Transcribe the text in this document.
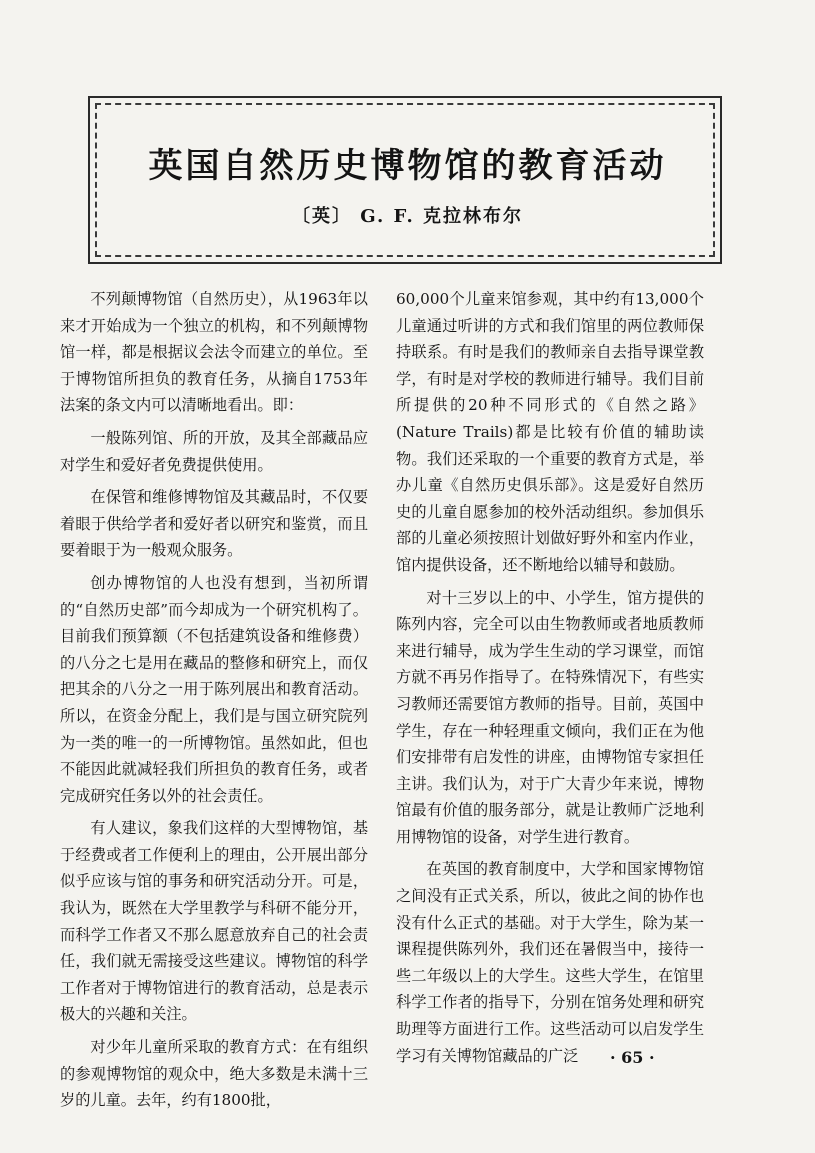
英国自然历史博物馆的教育活动
〔英〕 G. F. 克拉林布尔

不列颠博物馆（自然历史），从1963年以来才开始成为一个独立的机构，和不列颠博物馆一样，都是根据议会法令而建立的单位。至于博物馆所担负的教育任务，从摘自1753年法案的条文内可以清晰地看出。即：

一般陈列馆、所的开放，及其全部藏品应对学生和爱好者免费提供使用。

在保管和维修博物馆及其藏品时，不仅要着眼于供给学者和爱好者以研究和鉴赏，而且要着眼于为一般观众服务。

创办博物馆的人也没有想到，当初所谓的“自然历史部”而今却成为一个研究机构了。目前我们预算额（不包括建筑设备和维修费）的八分之七是用在藏品的整修和研究上，而仅把其余的八分之一用于陈列展出和教育活动。所以，在资金分配上，我们是与国立研究院列为一类的唯一的一所博物馆。虽然如此，但也不能因此就减轻我们所担负的教育任务，或者完成研究任务以外的社会责任。

有人建议，象我们这样的大型博物馆，基于经费或者工作便利上的理由，公开展出部分似乎应该与馆的事务和研究活动分开。可是，我认为，既然在大学里教学与科研不能分开，而科学工作者又不那么愿意放弃自己的社会责任，我们就无需接受这些建议。博物馆的科学工作者对于博物馆进行的教育活动，总是表示极大的兴趣和关注。

对少年儿童所采取的教育方式：在有组织的参观博物馆的观众中，绝大多数是未满十三岁的儿童。去年，约有1800批，

60,000个儿童来馆参观，其中约有13,000个儿童通过听讲的方式和我们馆里的两位教师保持联系。有时是我们的教师亲自去指导课堂教学，有时是对学校的教师进行辅导。我们目前所提供的20种不同形式的《自然之路》(Nature Trails)都是比较有价值的辅助读物。我们还采取的一个重要的教育方式是，举办儿童《自然历史俱乐部》。这是爱好自然历史的儿童自愿参加的校外活动组织。参加俱乐部的儿童必须按照计划做好野外和室内作业，馆内提供设备，还不断地给以辅导和鼓励。

对十三岁以上的中、小学生，馆方提供的陈列内容，完全可以由生物教师或者地质教师来进行辅导，成为学生生动的学习课堂，而馆方就不再另作指导了。在特殊情况下，有些实习教师还需要馆方教师的指导。目前，英国中学生，存在一种轻理重文倾向，我们正在为他们安排带有启发性的讲座，由博物馆专家担任主讲。我们认为，对于广大青少年来说，博物馆最有价值的服务部分，就是让教师广泛地利用博物馆的设备，对学生进行教育。

在英国的教育制度中，大学和国家博物馆之间没有正式关系，所以，彼此之间的协作也没有什么正式的基础。对于大学生，除为某一课程提供陈列外，我们还在暑假当中，接待一些二年级以上的大学生。这些大学生，在馆里科学工作者的指导下，分别在馆务处理和研究助理等方面进行工作。这些活动可以启发学生学习有关博物馆藏品的广泛	· 65 ·
